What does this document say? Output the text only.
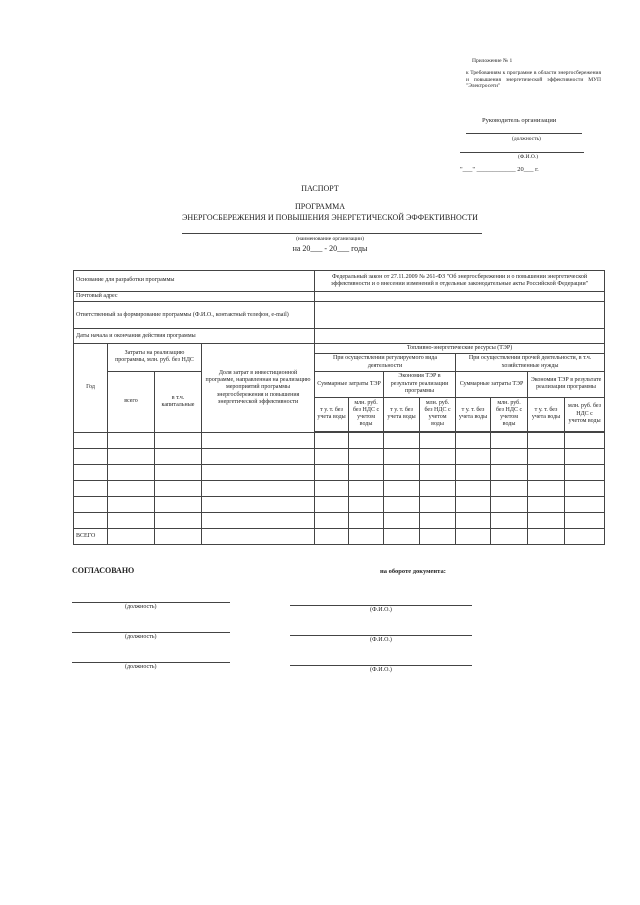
Приложение № 1
к Требованиям к программе в области энергосбережения и повышения энергетической эффективности МУП "Электросети"
Руководитель организации
(должность)
(Ф.И.О.)
"___" ____________ 20___ г.
ПАСПОРТ
ПРОГРАММА
ЭНЕРГОСБЕРЕЖЕНИЯ И ПОВЫШЕНИЯ ЭНЕРГЕТИЧЕСКОЙ ЭФФЕКТИВНОСТИ
(наименование организации)
на 20___ - 20___ годы
Основание для разработки программы				Федеральный закон от 27.11.2009 № 261-ФЗ "Об энергосбережении и о повышении энергетической эффективности и о внесении изменений в отдельные законодательные акты Российской Федерации"							
Почтовый адрес											
Ответственный за формирование программы (Ф.И.О., контактный телефон, e-mail)											
Даты начала и окончания действия программы											
Год	Затраты на реализацию программы, млн. руб. без НДС		Доля затрат в инвестиционной программе, направленная на реализацию мероприятий программы энергосбережения и повышения энергетической эффективности	Топливно-энергетические ресурсы (ТЭР)							
				При осуществлении регулируемого вида деятельности				При осуществлении прочей деятельности, в т.ч. хозяйственные нужды			
	всего	в т.ч. капитальные		Суммарные затраты ТЭР		Экономия ТЭР в результате реализации программы		Суммарные затраты ТЭР		Экономия ТЭР в результате реализации программы	
				т у. т. без учета воды	млн. руб. без НДС с учетом воды	т у. т. без учета воды	млн. руб. без НДС с учетом воды	т у. т. без учета воды	млн. руб. без НДС с учетом воды	т у. т. без учета воды	млн. руб. без НДС с учетом воды

ВСЕГО											
СОГЛАСОВАНО	на обороте документа:
(должность)	(Ф.И.О.)
(должность)	(Ф.И.О.)
(должность)	(Ф.И.О.)
